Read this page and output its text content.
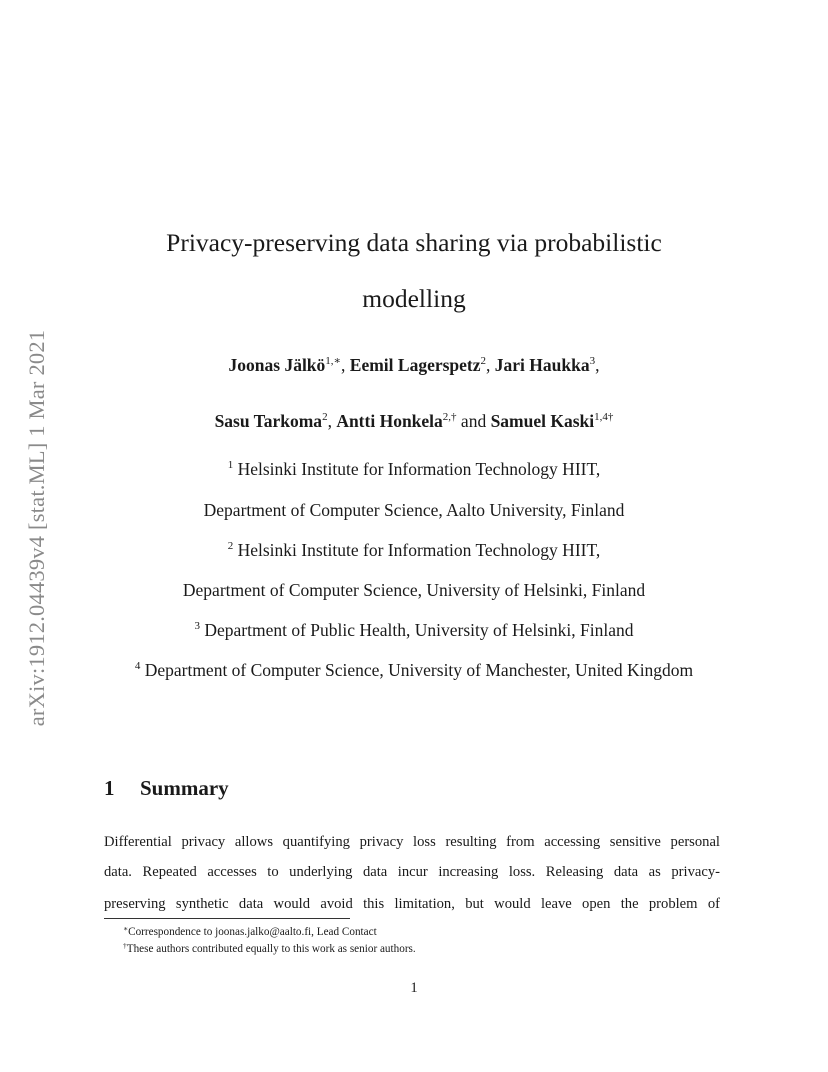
arXiv:1912.04439v4 [stat.ML] 1 Mar 2021
Privacy-preserving data sharing via probabilistic
modelling
Joonas Jälkö$^{1,∗}$, Eemil Lagerspetz$^2$, Jari Haukka$^3$,
Sasu Tarkoma$^2$, Antti Honkela$^{2,\dagger}$ and Samuel Kaski$^{1,4\dagger}$
$^1$ Helsinki Institute for Information Technology HIIT,
Department of Computer Science, Aalto University, Finland
$^2$ Helsinki Institute for Information Technology HIIT,
Department of Computer Science, University of Helsinki, Finland
$^3$ Department of Public Health, University of Helsinki, Finland
$^4$ Department of Computer Science, University of Manchester, United Kingdom
1 Summary
Differential privacy allows quantifying privacy loss resulting from accessing sensitive personal
data. Repeated accesses to underlying data incur increasing loss. Releasing data as privacy-
preserving synthetic data would avoid this limitation, but would leave open the problem of
∗Correspondence to joonas.jalko@aalto.fi, Lead Contact
†These authors contributed equally to this work as senior authors.
1
